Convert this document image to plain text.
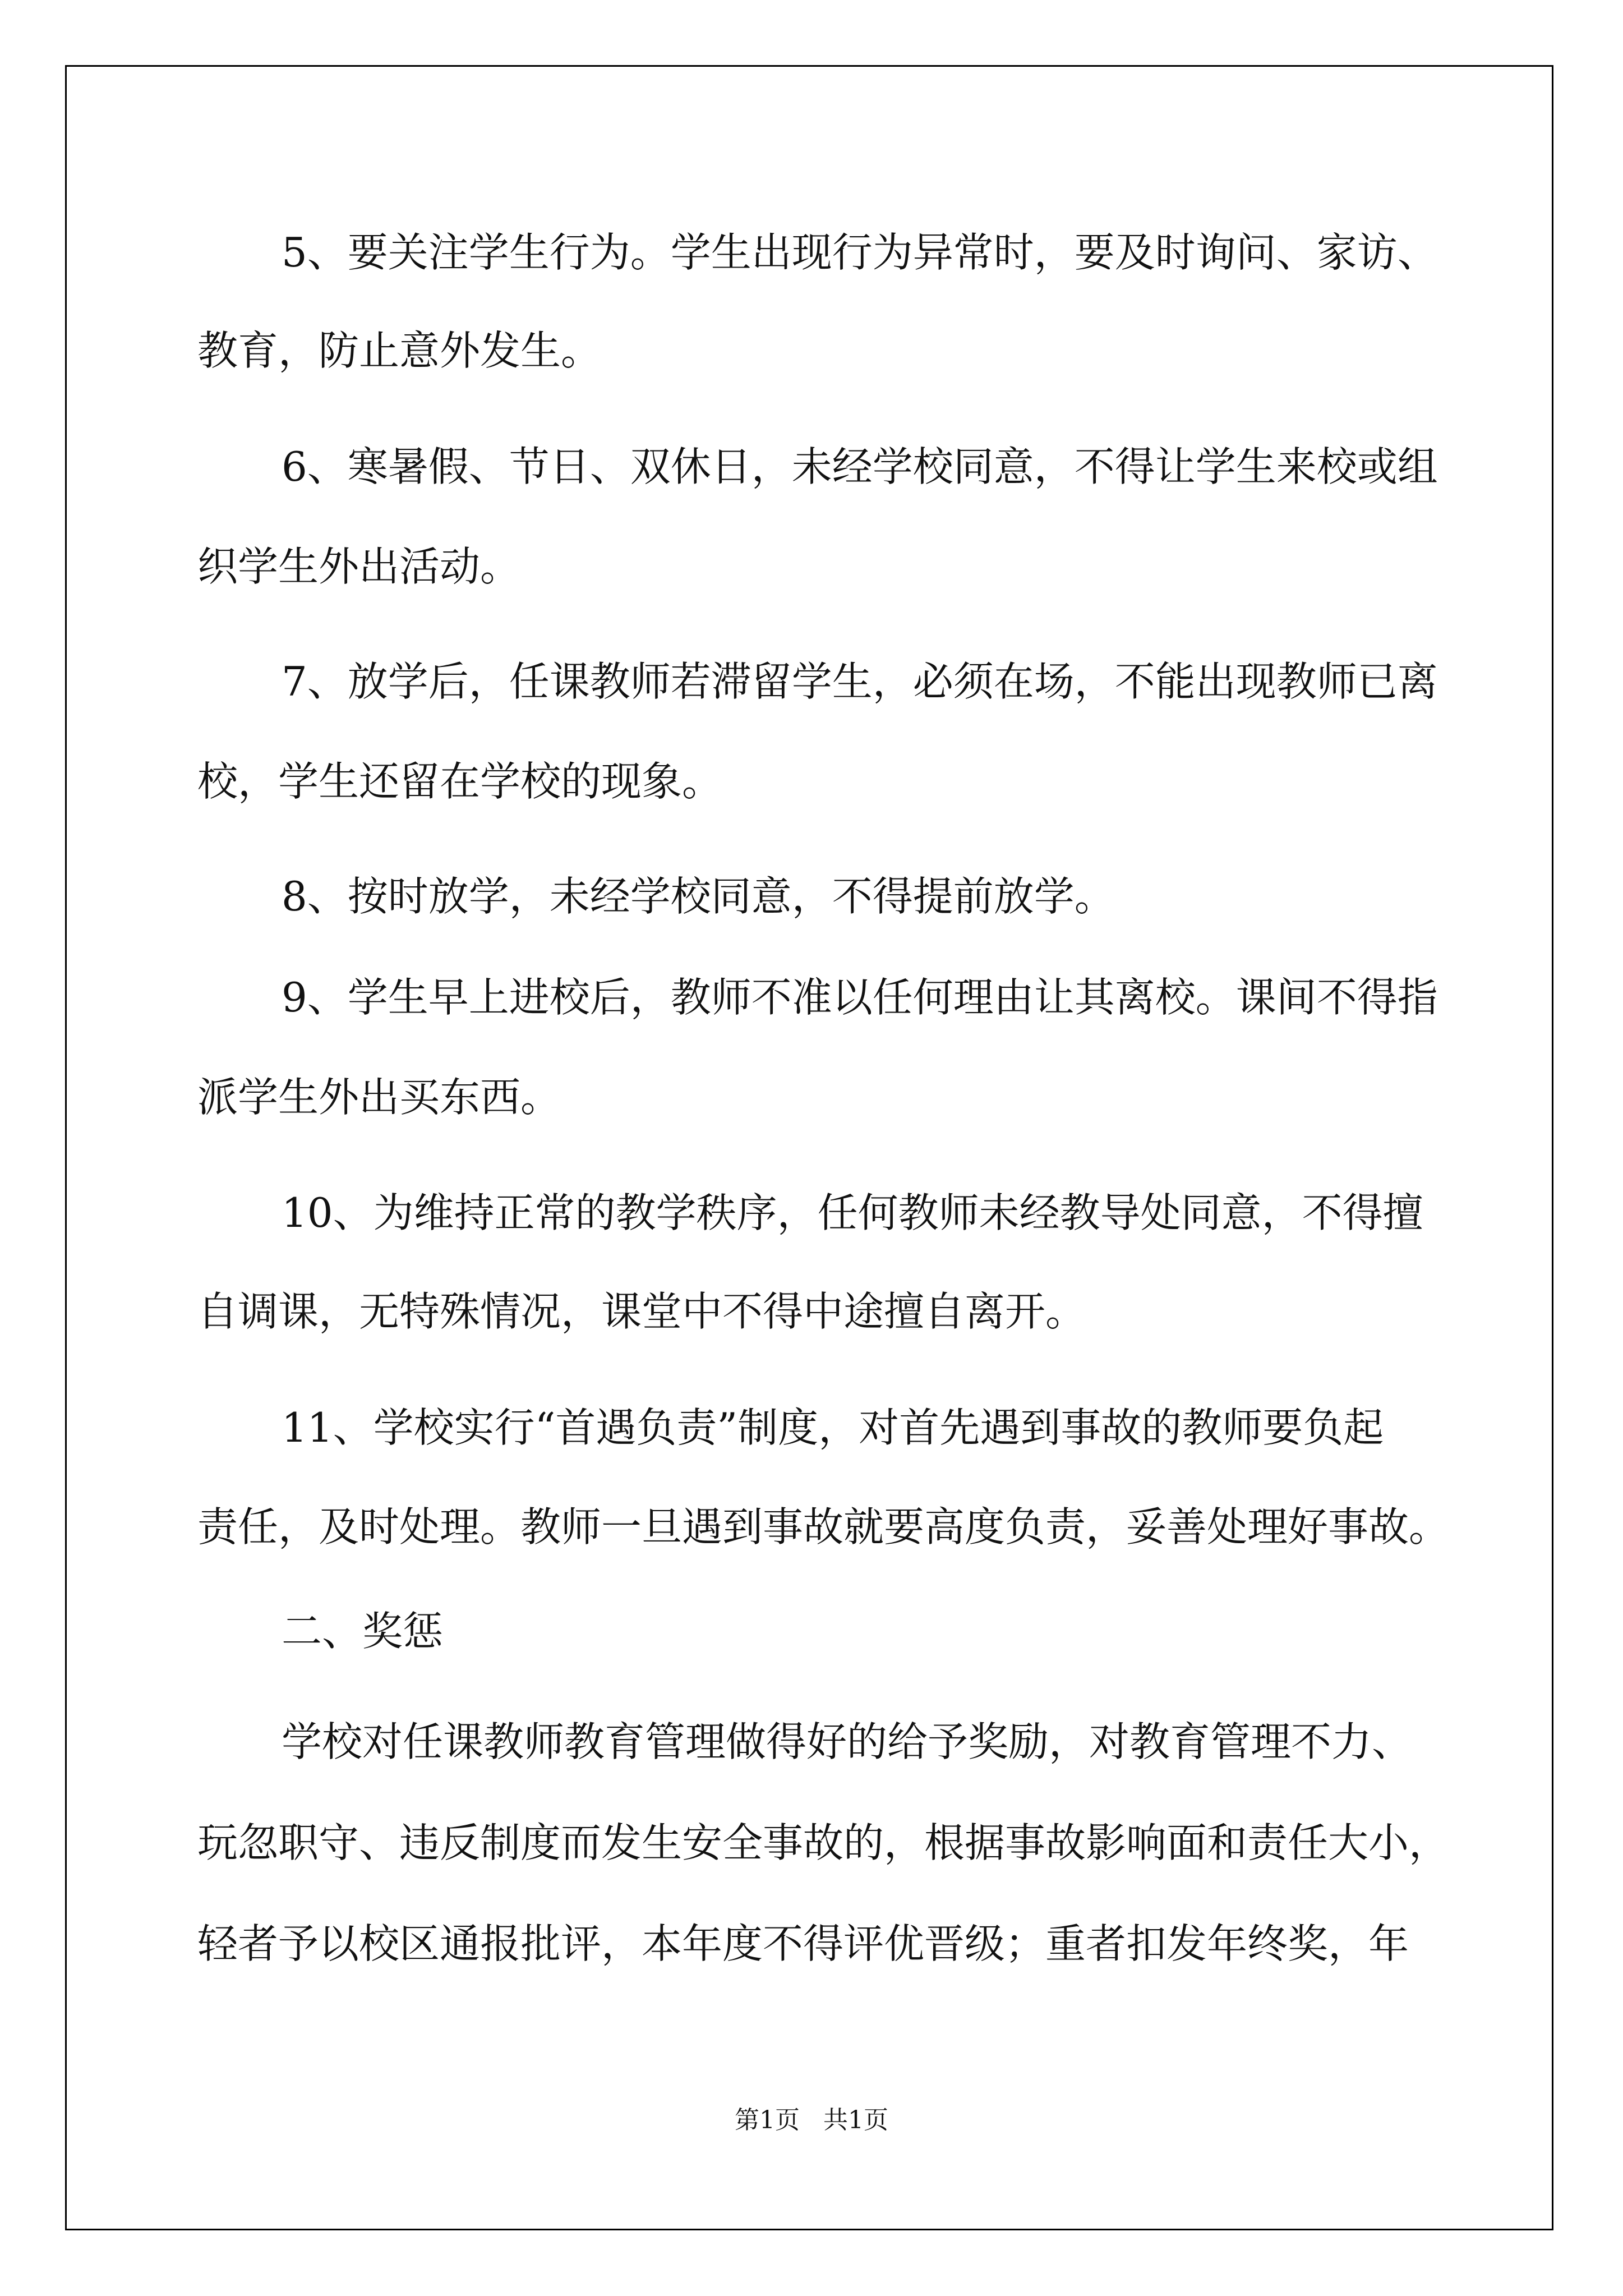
5、要关注学生行为。学生出现行为异常时，要及时询问、家访、
教育，防止意外发生。
6、寒暑假、节日、双休日，未经学校同意，不得让学生来校或组
织学生外出活动。
7、放学后，任课教师若滞留学生，必须在场，不能出现教师已离
校，学生还留在学校的现象。
8、按时放学，未经学校同意，不得提前放学。
9、学生早上进校后，教师不准以任何理由让其离校。课间不得指
派学生外出买东西。
10、为维持正常的教学秩序，任何教师未经教导处同意，不得擅
自调课，无特殊情况，课堂中不得中途擅自离开。
11、学校实行“首遇负责”制度，对首先遇到事故的教师要负起
责任，及时处理。教师一旦遇到事故就要高度负责，妥善处理好事故。
二、奖惩
学校对任课教师教育管理做得好的给予奖励，对教育管理不力、
玩忽职守、违反制度而发生安全事故的，根据事故影响面和责任大小，
轻者予以校区通报批评，本年度不得评优晋级；重者扣发年终奖，年
第1页   共1页
